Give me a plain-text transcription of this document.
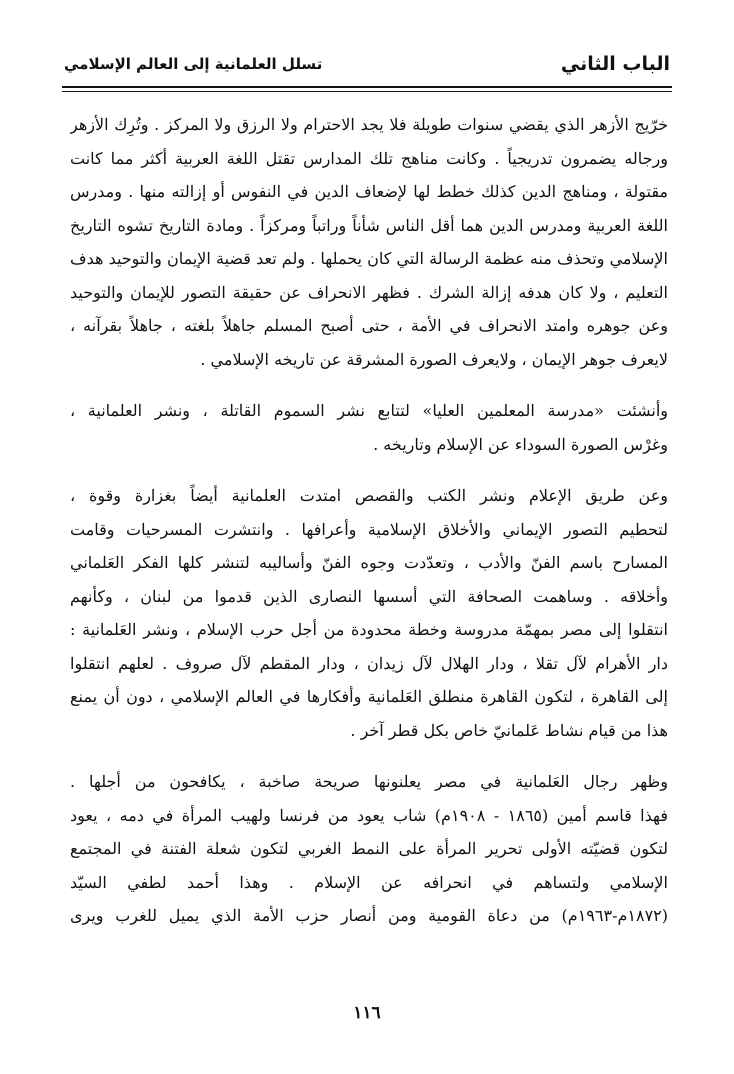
الباب الثاني
تسلل العلمانية إلى العالم الإسلامي

خرّيج الأزهر الذي يقضي سنوات طويلة فلا يجد الاحترام ولا الرزق ولا المركز . وتُرِك الأزهر
ورجاله يضمرون تدريجياً . وكانت مناهج تلك المدارس تقتل اللغة العربية أكثر مما كانت
مقتولة ، ومناهج الدين كذلك خطط لها لإضعاف الدين في النفوس أو إزالته منها . ومدرس
اللغة العربية ومدرس الدين هما أقل الناس شأناً وراتباً ومركزاً . ومادة التاريخ تشوه التاريخ
الإسلامي وتحذف منه عظمة الرسالة التي كان يحملها . ولم تعد قضية الإيمان والتوحيد هدف
التعليم ، ولا كان هدفه إزالة الشرك . فظهر الانحراف عن حقيقة التصور للإيمان والتوحيد
وعن جوهره وامتد الانحراف في الأمة ، حتى أصبح المسلم جاهلاً بلغته ، جاهلاً بقرآنه ،
لايعرف جوهر الإيمان ، ولايعرف الصورة المشرقة عن تاريخه الإسلامي .

وأنشئت «مدرسة المعلمين العليا» لتتابع نشر السموم القاتلة ، ونشر العلمانية ،
وغرْس الصورة السوداء عن الإسلام وتاريخه .

وعن طريق الإعلام ونشر الكتب والقصص امتدت العلمانية أيضاً بغزارة وقوة ،
لتحطيم التصور الإيماني والأخلاق الإسلامية وأعرافها . وانتشرت المسرحيات وقامت
المسارح باسم الفنّ والأدب ، وتعدّدت وجوه الفنّ وأساليبه لتنشر كلها الفكر العَلماني
وأخلاقه . وساهمت الصحافة التي أسسها النصارى الذين قدموا من لبنان ، وكأنهم
انتقلوا إلى مصر بمهمّة مدروسة وخطة محدودة من أجل حرب الإسلام ، ونشر العَلمانية :
دار الأهرام لآل تقلا ، ودار الهلال لآل زيدان ، ودار المقطم لآل صروف . لعلهم انتقلوا
إلى القاهرة ، لتكون القاهرة منطلق العَلمانية وأفكارها في العالم الإسلامي ، دون أن يمنع
هذا من قيام نشاط عَلمانيّ خاص بكل قطر آخر .

وظهر رجال العَلمانية في مصر يعلنونها صريحة صاخبة ، يكافحون من أجلها .
فهذا قاسم أمين (١٨٦٥ - ١٩٠٨م) شاب يعود من فرنسا ولهيب المرأة في دمه ، يعود
لتكون قضيّته الأولى تحرير المرأة على النمط الغربي لتكون شعلة الفتنة في المجتمع
الإسلامي ولتساهم في انحرافه عن الإسلام . وهذا أحمد لطفي السيّد
(١٨٧٢م-١٩٦٣م) من دعاة القومية ومن أنصار حزب الأمة الذي يميل للغرب ويرى

١١٦
